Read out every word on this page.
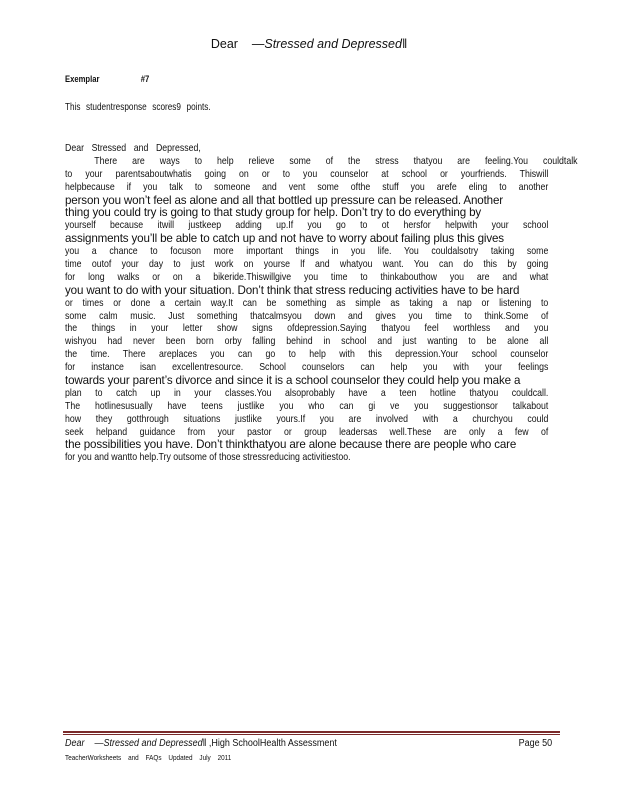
Dear —Stressed and Depressed‖
Exemplar	#7
This studentresponse scores9 points.
Dear Stressed and Depressed,
There are ways to help relieve some of the stress thatyou are feeling.You couldtalk
to your parentsaboutwhatis going on or to you counselor at school or yourfriends. Thiswill
helpbecause if you talk to someone and vent some ofthe stuff you arefe eling to another
person you won’t feel as alone and all that bottled up pressure can be released. Another
thing you could try is going to that study group for help. Don’t try to do everything by
yourself because itwill justkeep adding up.If you go to ot hersfor helpwith your school
assignments you’ll be able to catch up and not have to worry about failing plus this gives
you a chance to focuson more important things in you life. You couldalsotry taking some
time outof your day to just work on yourse lf and whatyou want. You can do this by going
for long walks or on a bikeride.Thiswillgive you time to thinkabouthow you are and what
you want to do with your situation. Don’t think that stress reducing activities have to be hard
or times or done a certain way.It can be something as simple as taking a nap or listening to
some calm music. Just something thatcalmsyou down and gives you time to think.Some of
the things in your letter show signs ofdepression.Saying thatyou feel worthless and you
wishyou had never been born orby falling behind in school and just wanting to be alone all
the time. There areplaces you can go to help with this depression.Your school counselor
for instance isan excellentresource. School counselors can help you with your feelings
towards your parent’s divorce and since it is a school counselor they could help you make a
plan to catch up in your classes.You alsoprobably have a teen hotline thatyou couldcall.
The hotlinesusually have teens justlike you who can gi ve you suggestionsor talkabout
how they gotthrough situations justlike yours.If you are involved with a churchyou could
seek helpand guidance from your pastor or group leadersas well.These are only a few of
the possibilities you have. Don’t thinkthatyou are alone because there are people who care
for you and wantto help.Try outsome of those stressreducing activitiestoo.
Dear —Stressed and Depressed‖ ,High SchoolHealth Assessment	Page 50
TeacherWorksheets and FAQs Updated July 2011
